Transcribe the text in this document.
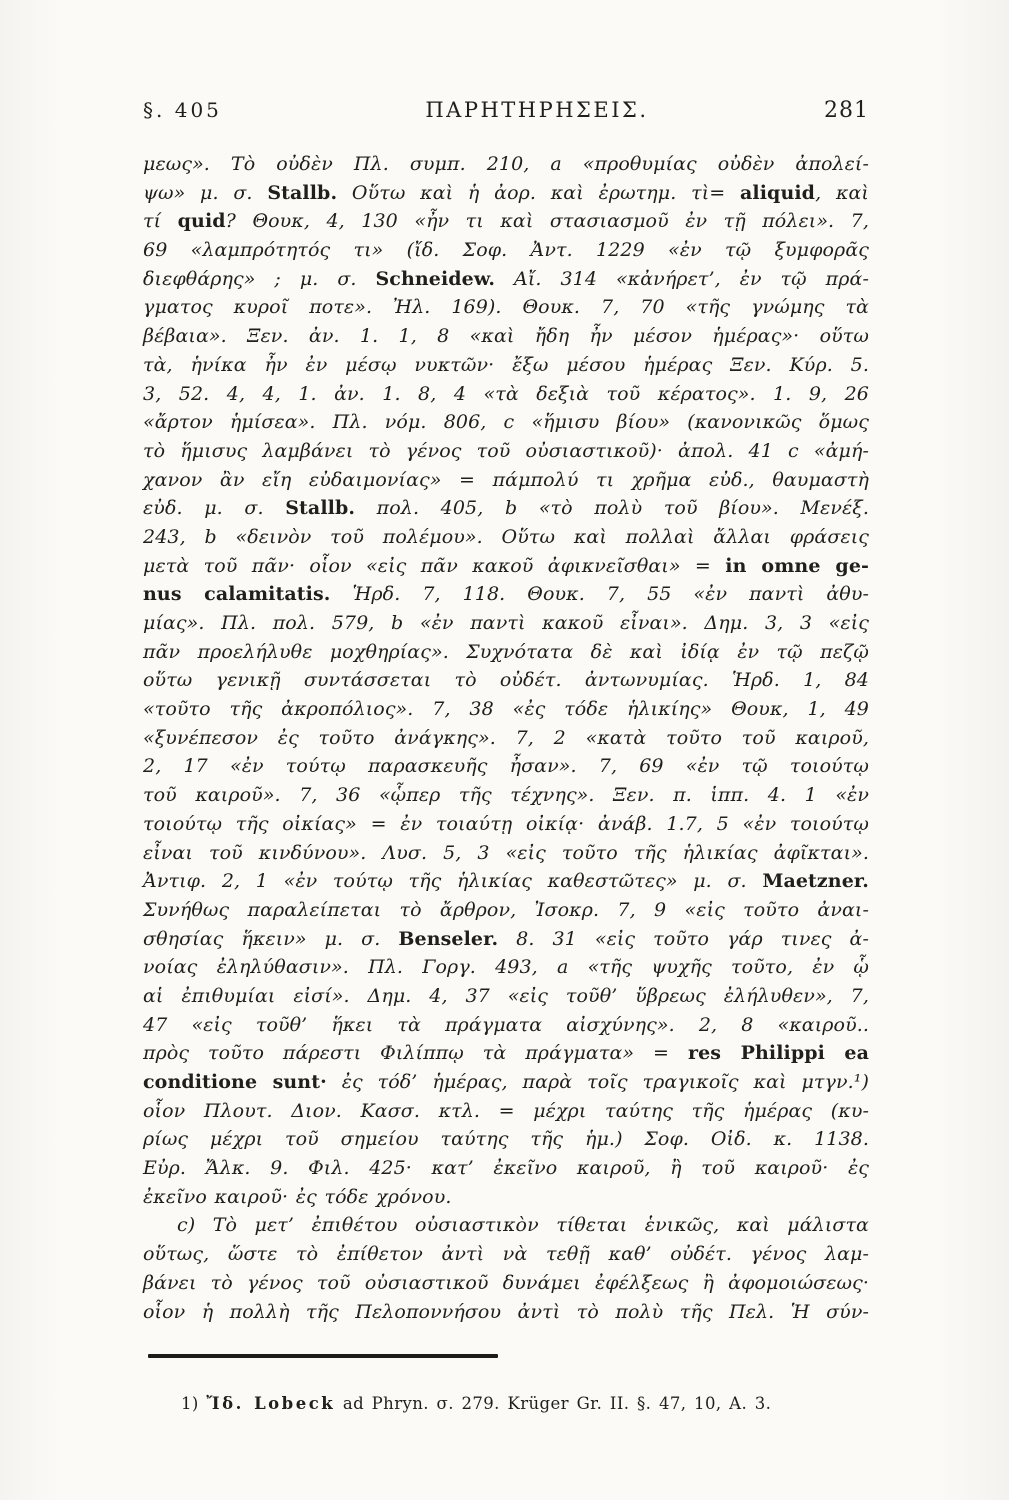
§. 405	ΠΑΡΗΤΗΡΗΣΕΙΣ.	281
μεως». Τὸ οὐδὲν Πλ. συμπ. 210, a «προθυμίας οὐδὲν ἀπολεί-
ψω» μ. σ. Stallb. Οὕτω καὶ ἡ ἀορ. καὶ ἐρωτημ. τὶ= aliquid, καὶ
τί quid? Θουκ, 4, 130 «ἦν τι καὶ στασιασμοῦ ἐν τῇ πόλει». 7,
69 «λαμπρότητός τι» (ἴδ. Σοφ. Ἀντ. 1229 «ἐν τῷ ξυμφορᾶς
διεφθάρης» ; μ. σ. Schneidew. Αἴ. 314 «κἀνήρετ’, ἐν τῷ πρά-
γματος κυροῖ ποτε». Ἠλ. 169). Θουκ. 7, 70 «τῆς γνώμης τὰ
βέβαια». Ξεν. ἀν. 1. 1, 8 «καὶ ἤδη ἦν μέσον ἡμέρας»· οὕτω
τὰ, ἡνίκα ἦν ἐν μέσῳ νυκτῶν· ἔξω μέσου ἡμέρας Ξεν. Κύρ. 5.
3, 52. 4, 4, 1. ἀν. 1. 8, 4 «τὰ δεξιὰ τοῦ κέρατος». 1. 9, 26
«ἄρτον ἡμίσεα». Πλ. νόμ. 806, c «ἥμισυ βίου» (κανονικῶς ὅμως
τὸ ἥμισυς λαμβάνει τὸ γένος τοῦ οὐσιαστικοῦ)· ἀπολ. 41 c «ἀμή-
χανον ἂν εἴη εὐδαιμονίας» = πάμπολύ τι χρῆμα εὐδ., θαυμαστὴ
εὐδ. μ. σ. Stallb. πολ. 405, b «τὸ πολὺ τοῦ βίου». Μενέξ.
243, b «δεινὸν τοῦ πολέμου». Οὕτω καὶ πολλαὶ ἄλλαι φράσεις
μετὰ τοῦ πᾶν· οἷον «εἰς πᾶν κακοῦ ἀφικνεῖσθαι» = in omne ge-
nus calamitatis. Ἡρδ. 7, 118. Θουκ. 7, 55 «ἐν παντὶ ἀθυ-
μίας». Πλ. πολ. 579, b «ἐν παντὶ κακοῦ εἶναι». Δημ. 3, 3 «εἰς
πᾶν προελήλυθε μοχθηρίας». Συχνότατα δὲ καὶ ἰδίᾳ ἐν τῷ πεζῷ
οὕτω γενικῇ συντάσσεται τὸ οὐδέτ. ἀντωνυμίας. Ἡρδ. 1, 84
«τοῦτο τῆς ἀκροπόλιος». 7, 38 «ἐς τόδε ἡλικίης» Θουκ, 1, 49
«ξυνέπεσον ἐς τοῦτο ἀνάγκης». 7, 2 «κατὰ τοῦτο τοῦ καιροῦ,
2, 17 «ἐν τούτῳ παρασκευῆς ἦσαν». 7, 69 «ἐν τῷ τοιούτῳ
τοῦ καιροῦ». 7, 36 «ᾧπερ τῆς τέχνης». Ξεν. π. ἱππ. 4. 1 «ἐν
τοιούτῳ τῆς οἰκίας» = ἐν τοιαύτῃ οἰκίᾳ· ἀνάβ. 1.7, 5 «ἐν τοιούτῳ
εἶναι τοῦ κινδύνου». Λυσ. 5, 3 «εἰς τοῦτο τῆς ἡλικίας ἀφῖκται».
Ἀντιφ. 2, 1 «ἐν τούτῳ τῆς ἡλικίας καθεστῶτες» μ. σ. Maetzner.
Συνήθως παραλείπεται τὸ ἄρθρον, Ἰσοκρ. 7, 9 «εἰς τοῦτο ἀναι-
σθησίας ἥκειν» μ. σ. Benseler. 8. 31 «εἰς τοῦτο γάρ τινες ἀ-
νοίας ἐληλύθασιν». Πλ. Γοργ. 493, a «τῆς ψυχῆς τοῦτο, ἐν ᾧ
αἱ ἐπιθυμίαι εἰσί». Δημ. 4, 37 «εἰς τοῦθ’ ὕβρεως ἐλήλυθεν», 7,
47 «εἰς τοῦθ’ ἥκει τὰ πράγματα αἰσχύνης». 2, 8 «καιροῦ..
πρὸς τοῦτο πάρεστι Φιλίππῳ τὰ πράγματα» = res Philippi ea
conditione sunt· ἐς τόδ’ ἡμέρας, παρὰ τοῖς τραγικοῖς καὶ μτγν.¹)
οἷον Πλουτ. Διον. Κασσ. κτλ. = μέχρι ταύτης τῆς ἡμέρας (κυ-
ρίως μέχρι τοῦ σημείου ταύτης τῆς ἡμ.) Σοφ. Οἰδ. κ. 1138.
Εὐρ. Ἄλκ. 9. Φιλ. 425· κατ’ ἐκεῖνο καιροῦ, ἢ τοῦ καιροῦ· ἐς
ἐκεῖνο καιροῦ· ἐς τόδε χρόνου.
c) Τὸ μετ’ ἐπιθέτου οὐσιαστικὸν τίθεται ἑνικῶς, καὶ μάλιστα
οὕτως, ὥστε τὸ ἐπίθετον ἀντὶ νὰ τεθῇ καθ’ οὐδέτ. γένος λαμ-
βάνει τὸ γένος τοῦ οὐσιαστικοῦ δυνάμει ἐφέλξεως ἢ ἀφομοιώσεως·
οἷον ἡ πολλὴ τῆς Πελοποννήσου ἀντὶ τὸ πολὺ τῆς Πελ. Ἡ σύν-
1) Ἴδ. Lobeck ad Phryn. σ. 279. Krüger Gr. II. §. 47, 10, A. 3.
